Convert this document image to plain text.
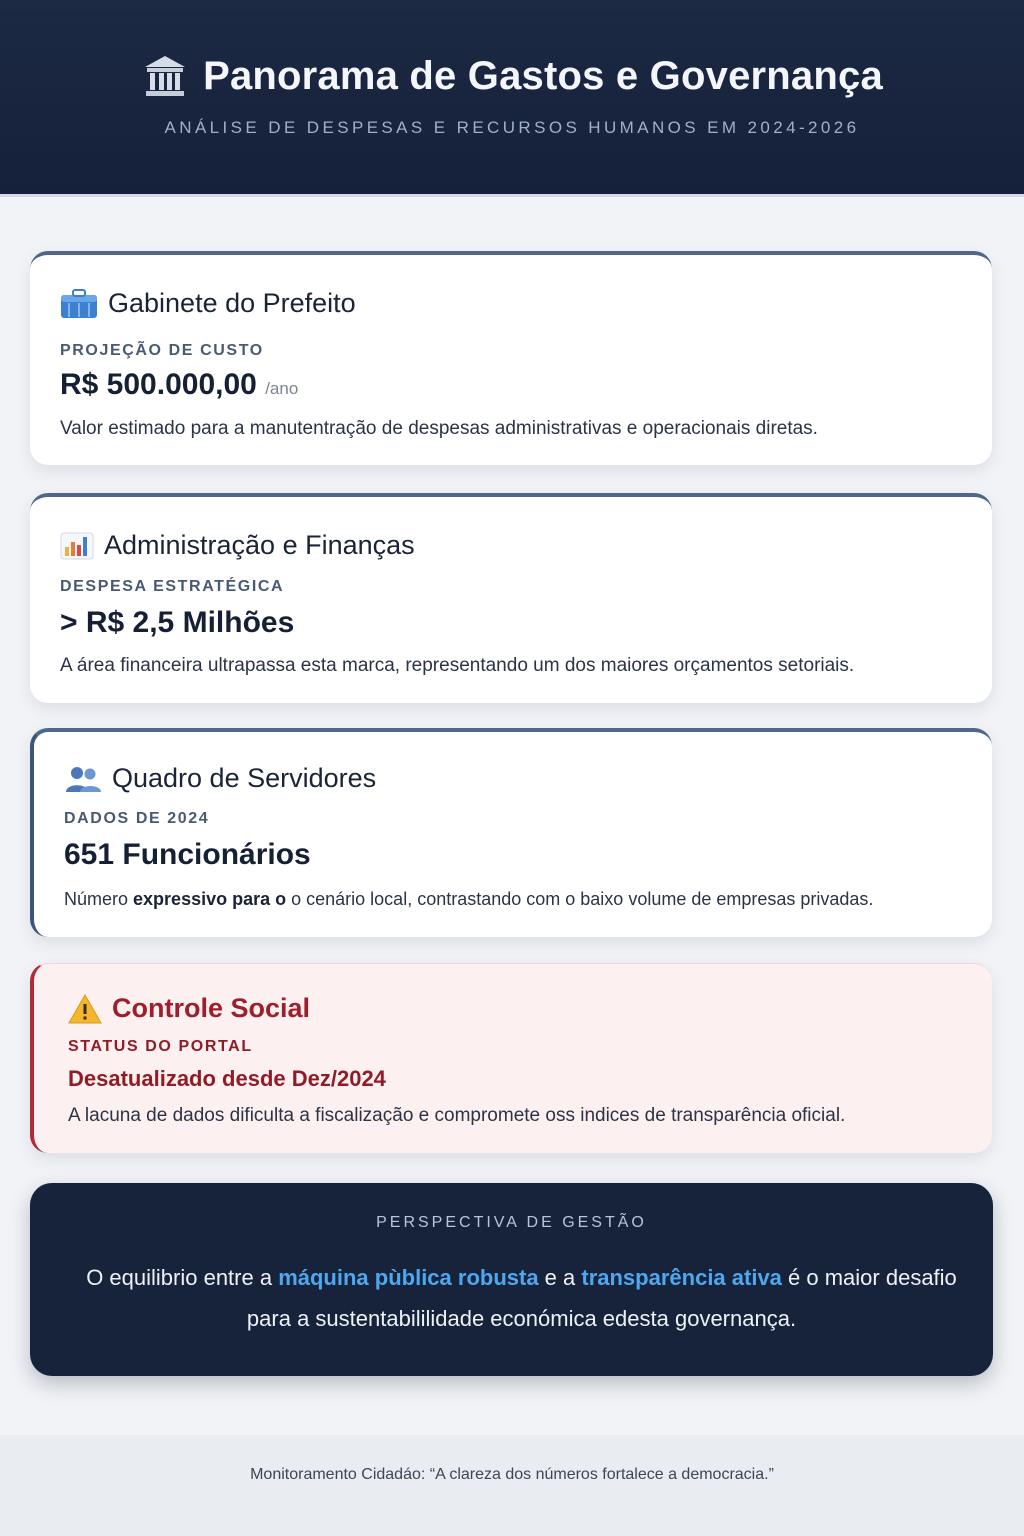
Panorama de Gastos e Governança
ANÁLISE DE DESPESAS E RECURSOS HUMANOS EM 2024-2026
Gabinete do Prefeito
PROJEÇÃO DE CUSTO
R$ 500.000,00 /ano
Valor estimado para a manutentração de despesas administrativas e operacionais diretas.
Administração e Finanças
DESPESA ESTRATÉGICA
> R$ 2,5 Milhões
A área financeira ultrapassa esta marca, representando um dos maiores orçamentos setoriais.
Quadro de Servidores
DADOS DE 2024
651 Funcionários
Número expressivo para o o cenário local, contrastando com o baixo volume de empresas privadas.
Controle Social
STATUS DO PORTAL
Desatualizado desde Dez/2024
A lacuna de dados dificulta a fiscalização e compromete oss indices de transparência oficial.
PERSPECTIVA DE GESTÃO
O equilibrio entre a máquina pùblica robusta e a transparência ativa é o maior desafio para a sustentabililidade económica edesta governança.

Monitoramento Cidadáo: “A clareza dos números fortalece a democracia.”
